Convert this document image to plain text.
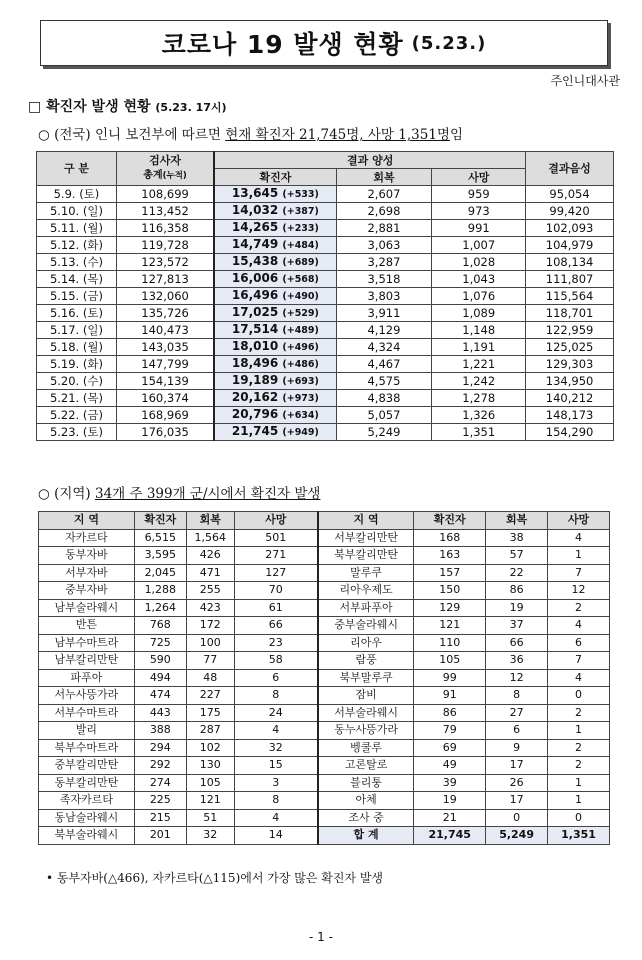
코로나 19 발생 현황 (5.23.)
주인니대사관
□ 확진자 발생 현황 (5.23. 17시)
○ (전국) 인니 보건부에 따르면 현재 확진자 21,745명, 사망 1,351명임
구 분	검사자
총계(누적)	결과 양성			결과음성
		확진자	회복	사망	
5.9. (토)	108,699	13,645 (+533)	2,607	959	95,054
5.10. (일)	113,452	14,032 (+387)	2,698	973	99,420
5.11. (월)	116,358	14,265 (+233)	2,881	991	102,093
5.12. (화)	119,728	14,749 (+484)	3,063	1,007	104,979
5.13. (수)	123,572	15,438 (+689)	3,287	1,028	108,134
5.14. (목)	127,813	16,006 (+568)	3,518	1,043	111,807
5.15. (금)	132,060	16,496 (+490)	3,803	1,076	115,564
5.16. (토)	135,726	17,025 (+529)	3,911	1,089	118,701
5.17. (일)	140,473	17,514 (+489)	4,129	1,148	122,959
5.18. (월)	143,035	18,010 (+496)	4,324	1,191	125,025
5.19. (화)	147,799	18,496 (+486)	4,467	1,221	129,303
5.20. (수)	154,139	19,189 (+693)	4,575	1,242	134,950
5.21. (목)	160,374	20,162 (+973)	4,838	1,278	140,212
5.22. (금)	168,969	20,796 (+634)	5,057	1,326	148,173
5.23. (토)	176,035	21,745 (+949)	5,249	1,351	154,290
○ (지역) 34개 주 399개 군/시에서 확진자 발생
지 역	확진자	회복	사망	지 역	확진자	회복	사망
자카르타	6,515	1,564	501	서부칼리만탄	168	38	4
동부자바	3,595	426	271	북부칼리만탄	163	57	1
서부자바	2,045	471	127	말루쿠	157	22	7
중부자바	1,288	255	70	리아우제도	150	86	12
남부술라웨시	1,264	423	61	서부파푸아	129	19	2
반튼	768	172	66	중부술라웨시	121	37	4
남부수마트라	725	100	23	리아우	110	66	6
남부칼리만탄	590	77	58	람풍	105	36	7
파푸아	494	48	6	북부말루쿠	99	12	4
서누사뜽가라	474	227	8	잠비	91	8	0
서부수마트라	443	175	24	서부술라웨시	86	27	2
발리	388	287	4	동누사뜽가라	79	6	1
북부수마트라	294	102	32	벵쿨루	69	9	2
중부칼리만탄	292	130	15	고론탈로	49	17	2
동부칼리만탄	274	105	3	블리퉁	39	26	1
족자카르타	225	121	8	아체	19	17	1
동남술라웨시	215	51	4	조사 중	21	0	0
북부술라웨시	201	32	14	합 계	21,745	5,249	1,351
• 동부자바(△466), 자카르타(△115)에서 가장 많은 확진자 발생
- 1 -
